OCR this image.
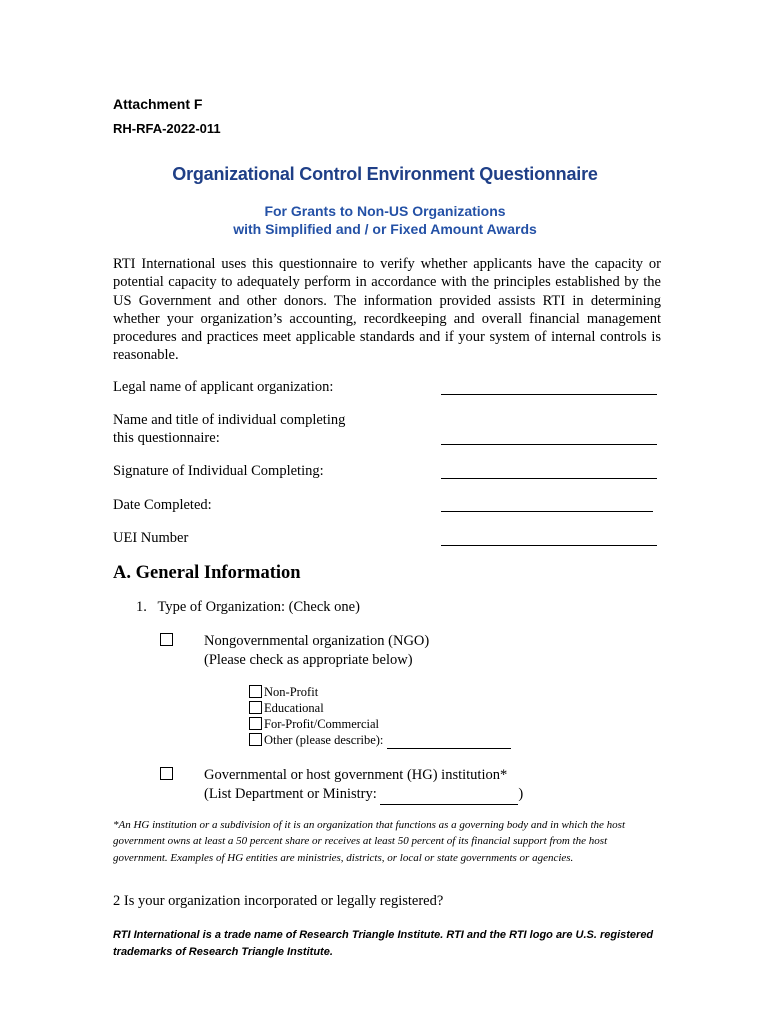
Attachment F
RH-RFA-2022-011
Organizational Control Environment Questionnaire
For Grants to Non-US Organizations
with Simplified and / or Fixed Amount Awards
RTI International uses this questionnaire to verify whether applicants have the capacity or potential capacity to adequately perform in accordance with the principles established by the US Government and other donors. The information provided assists RTI in determining whether your organization’s accounting, recordkeeping and overall financial management procedures and practices meet applicable standards and if your system of internal controls is reasonable.
Legal name of applicant organization:
Name and title of individual completing
this questionnaire:
Signature of Individual Completing:
Date Completed:
UEI Number
A. General Information
1.   Type of Organization: (Check one)
Nongovernmental organization (NGO)
(Please check as appropriate below)
Non-Profit
Educational
For-Profit/Commercial
Other (please describe):
Governmental or host government (HG) institution*
(List Department or Ministry:	)
*An HG institution or a subdivision of it is an organization that functions as a governing body and in which the host government owns at least a 50 percent share or receives at least 50 percent of its financial support from the host government. Examples of HG entities are ministries, districts, or local or state governments or agencies.
2 Is your organization incorporated or legally registered?
RTI International is a trade name of Research Triangle Institute. RTI and the RTI logo are U.S. registered
trademarks of Research Triangle Institute.
